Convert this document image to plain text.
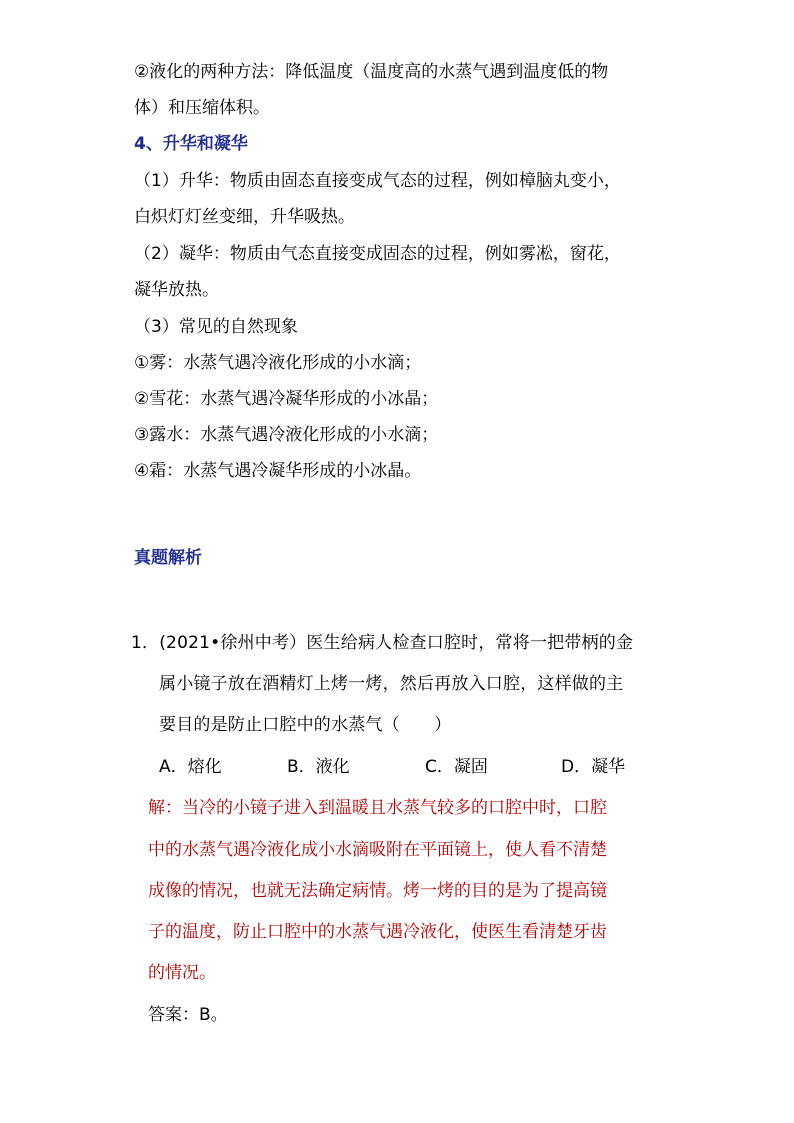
②液化的两种方法：降低温度（温度高的水蒸气遇到温度低的物
体）和压缩体积。
4、升华和凝华
（1）升华：物质由固态直接变成气态的过程，例如樟脑丸变小，
白炽灯灯丝变细，升华吸热。
（2）凝华：物质由气态直接变成固态的过程，例如雾凇，窗花，
凝华放热。
（3）常见的自然现象
①雾：水蒸气遇冷液化形成的小水滴；
②雪花：水蒸气遇冷凝华形成的小冰晶；
③露水：水蒸气遇冷液化形成的小水滴；
④霜：水蒸气遇冷凝华形成的小冰晶。
真题解析
1．(2021•徐州中考）医生给病人检查口腔时，常将一把带柄的金
属小镜子放在酒精灯上烤一烤，然后再放入口腔，这样做的主
要目的是防止口腔中的水蒸气（　　）
A．熔化	B．液化	C．凝固	D．凝华
解：当冷的小镜子进入到温暖且水蒸气较多的口腔中时，口腔
中的水蒸气遇冷液化成小水滴吸附在平面镜上，使人看不清楚
成像的情况，也就无法确定病情。烤一烤的目的是为了提高镜
子的温度，防止口腔中的水蒸气遇冷液化，使医生看清楚牙齿
的情况。
答案：B。
